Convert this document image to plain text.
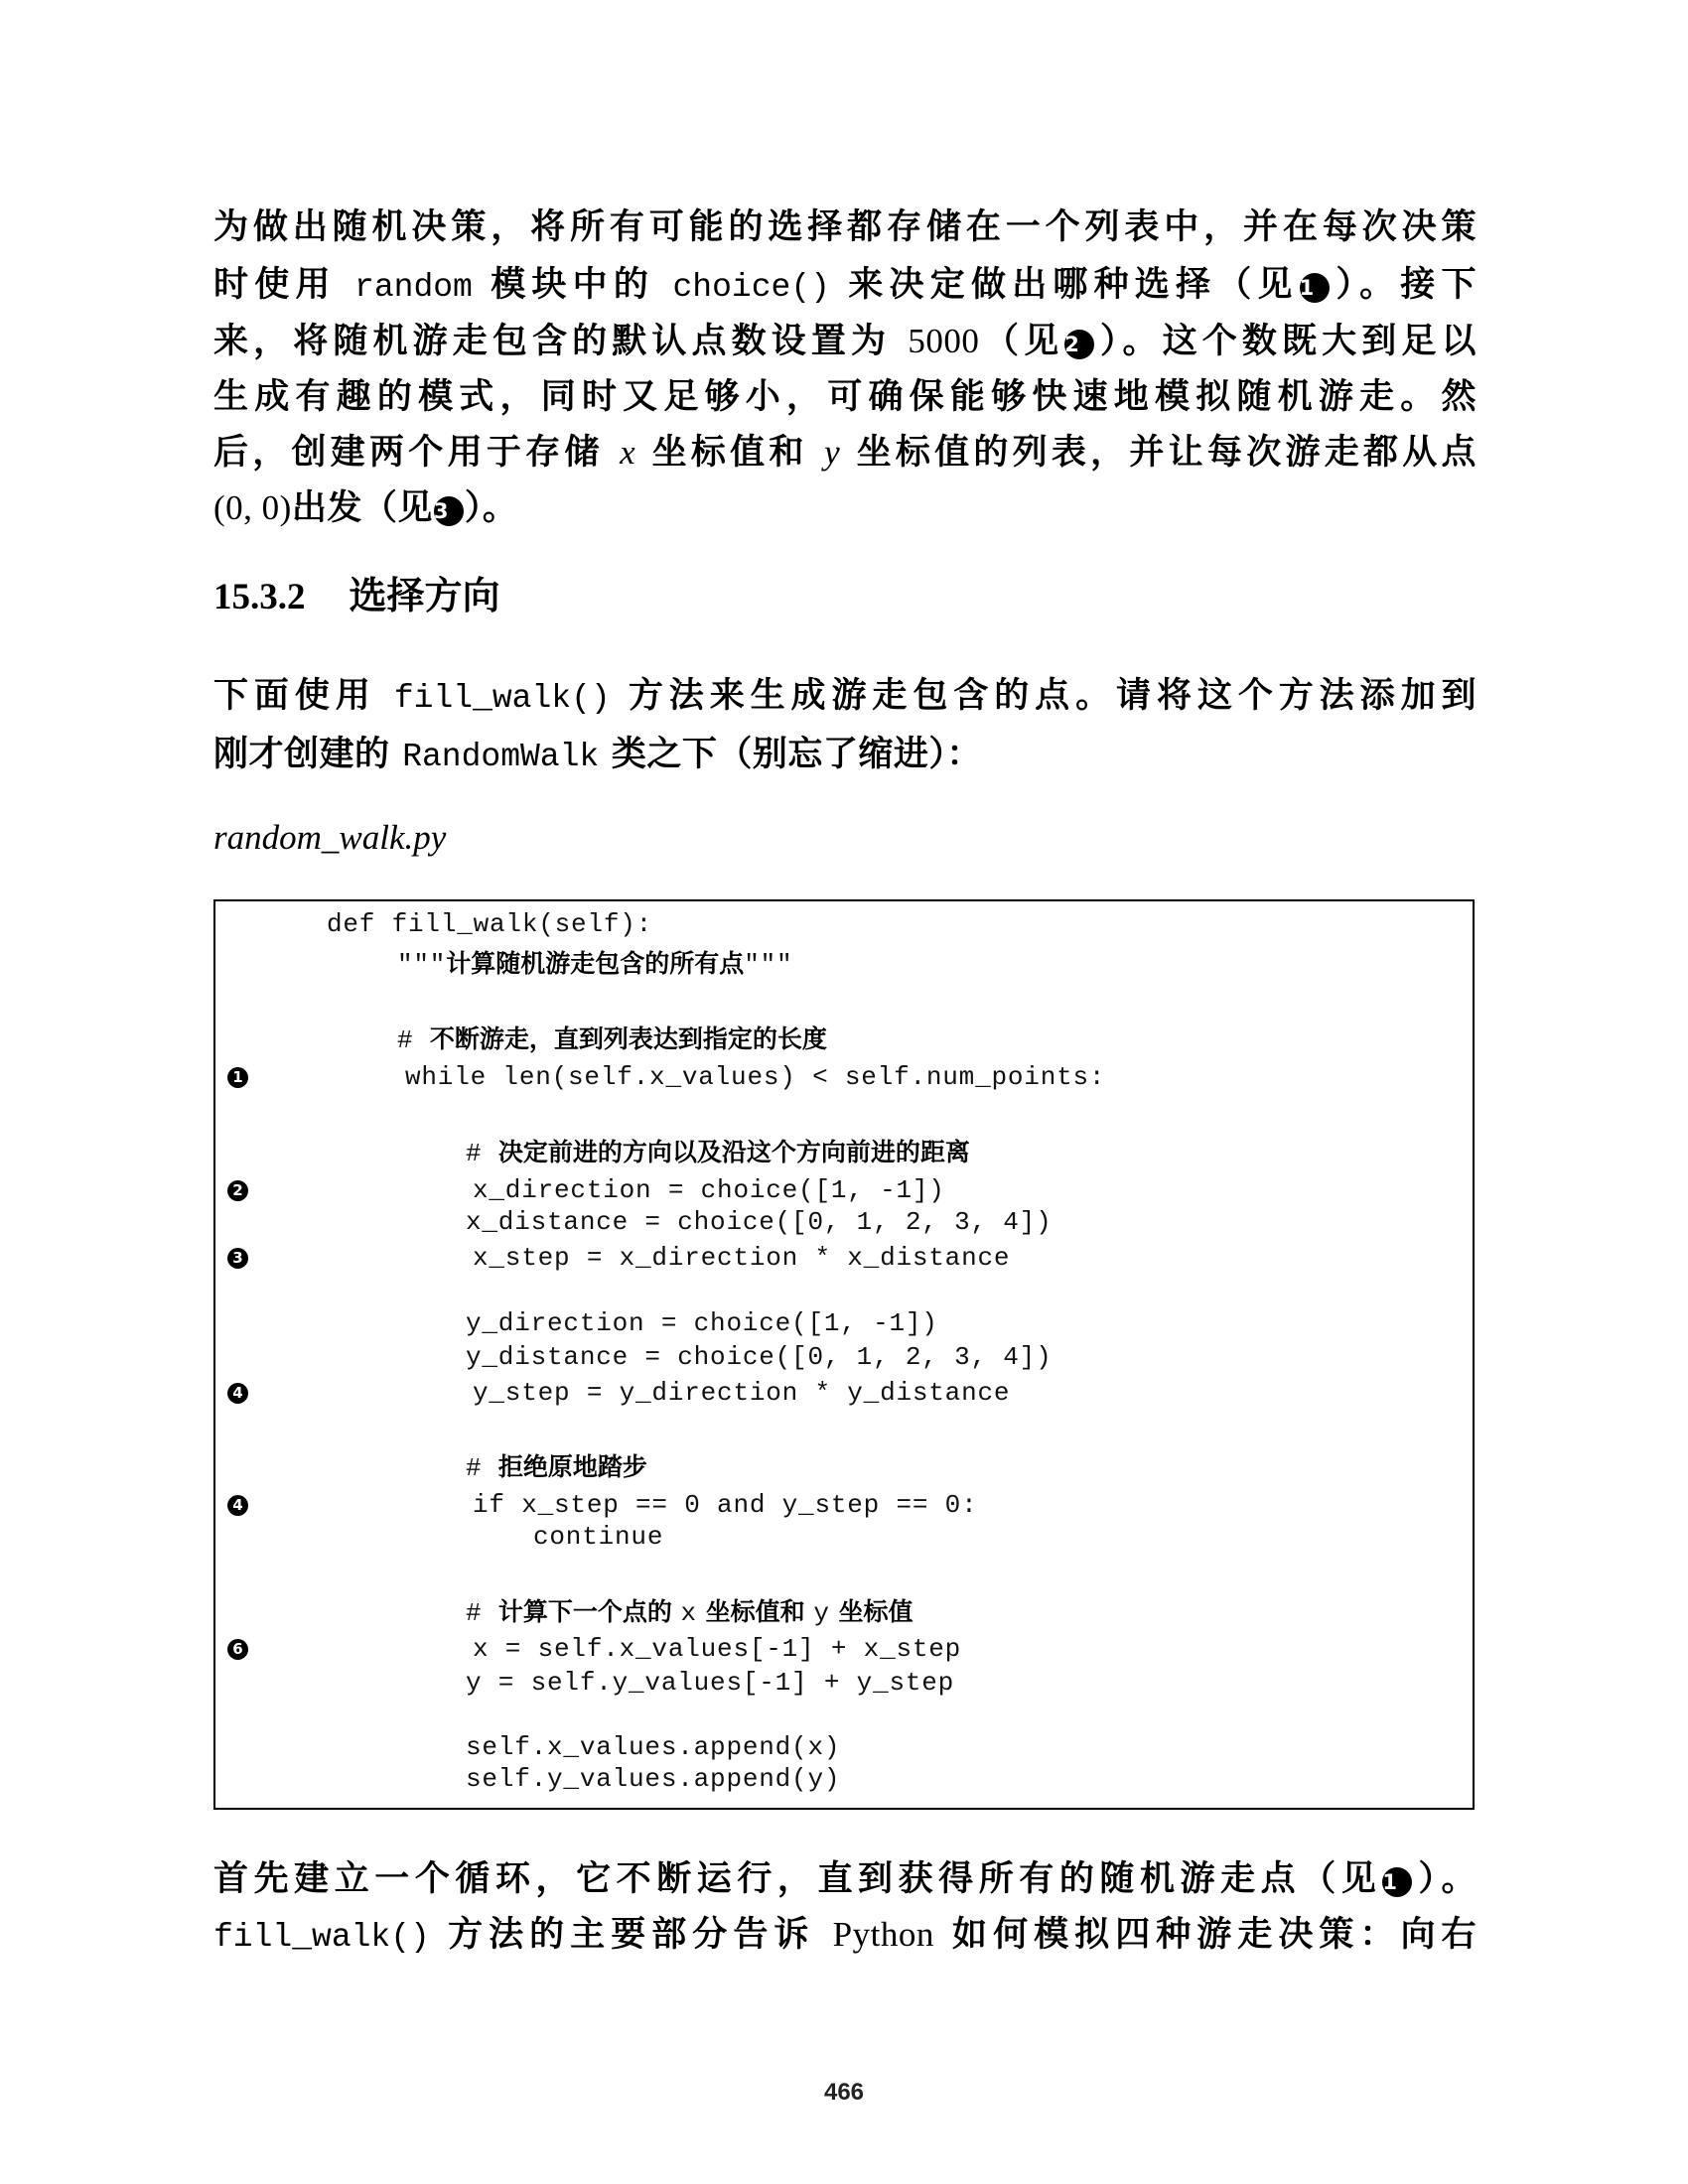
为做出随机决策，将所有可能的选择都存储在一个列表中，并在每次决策
时使用 random 模块中的 choice() 来决定做出哪种选择（见1 ）。接下
来，将随机游走包含的默认点数设置为 5000（见2 ）。这个数既大到足以
生成有趣的模式，同时又足够小，可确保能够快速地模拟随机游走。然
后，创建两个用于存储 x 坐标值和 y 坐标值的列表，并让每次游走都从点
(0, 0)出发（见3 ）。
15.3.2 选择方向
下面使用 fill_walk() 方法来生成游走包含的点。请将这个方法添加到
刚才创建的 RandomWalk 类之下（别忘了缩进）：
random_walk.py
def fill_walk(self):
"""计算随机游走包含的所有点"""
# 不断游走，直到列表达到指定的长度
while len(self.x_values) < self.num_points:
# 决定前进的方向以及沿这个方向前进的距离
x_direction = choice([1, -1])
x_distance = choice([0, 1, 2, 3, 4])
x_step = x_direction * x_distance
y_direction = choice([1, -1])
y_distance = choice([0, 1, 2, 3, 4])
y_step = y_direction * y_distance
# 拒绝原地踏步
if x_step == 0 and y_step == 0:
continue
# 计算下一个点的 x 坐标值和 y 坐标值
x = self.x_values[-1] + x_step
y = self.y_values[-1] + y_step
self.x_values.append(x)
self.y_values.append(y)
1
2
3
4
4
6
首先建立一个循环，它不断运行，直到获得所有的随机游走点（见1 ）。
fill_walk() 方法的主要部分告诉 Python 如何模拟四种游走决策：向右
466
